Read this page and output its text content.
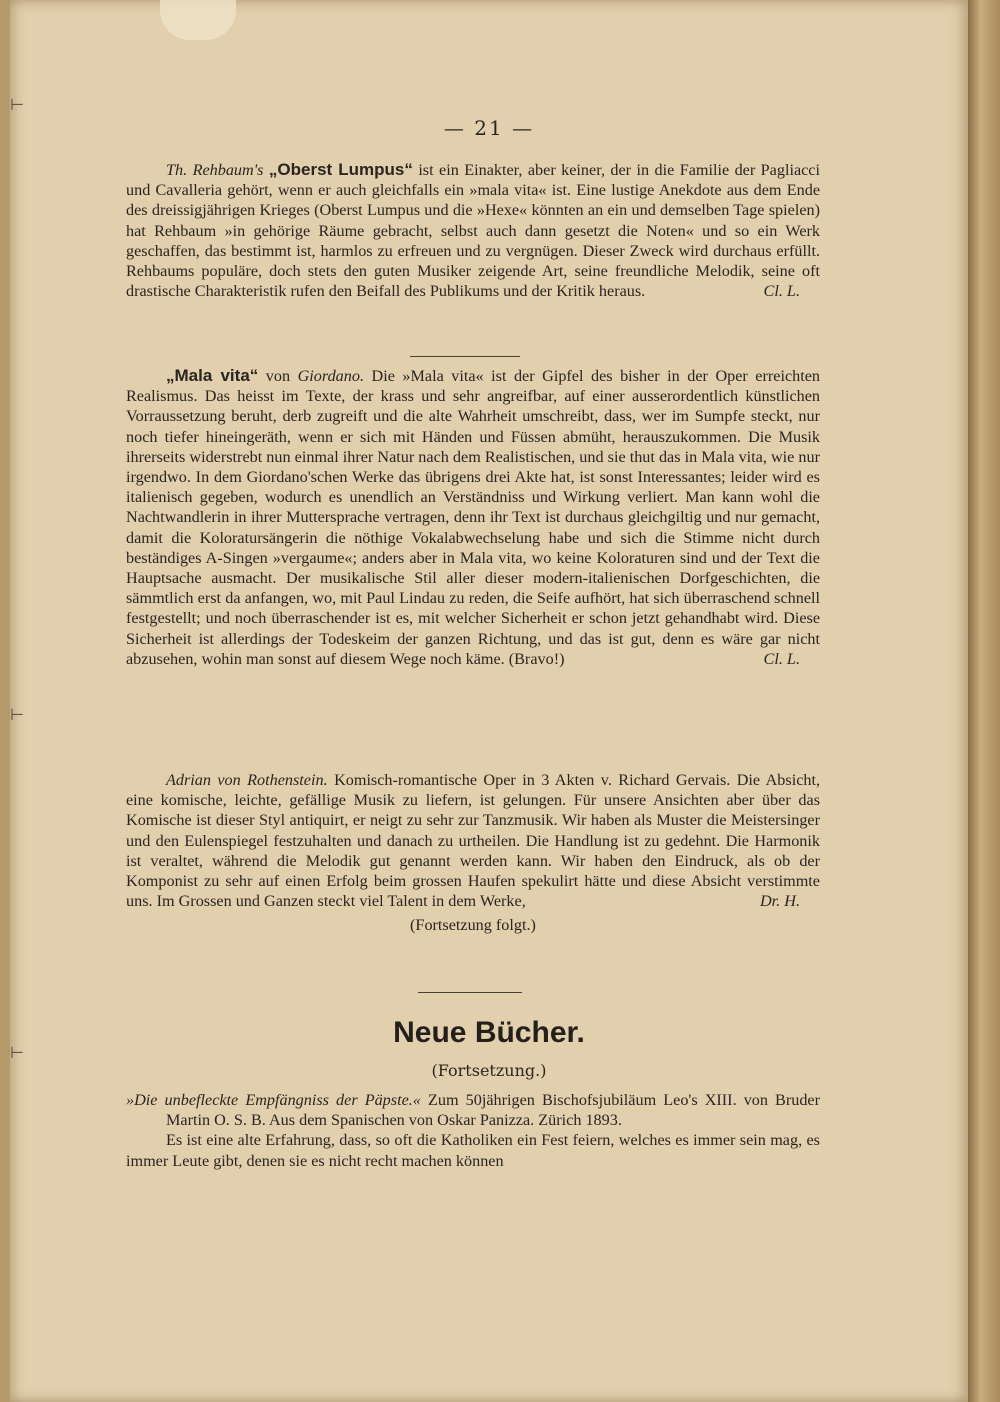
⊢
⊢
⊢
— 21 —

Th. Rehbaum's „Oberst Lumpus“ ist ein Einakter, aber keiner, der in die Familie der Pagliacci und Cavalleria gehört, wenn er auch gleichfalls ein »mala vita« ist. Eine lustige Anekdote aus dem Ende des dreissigjährigen Krieges (Oberst Lumpus und die »Hexe« könnten an ein und demselben Tage spielen) hat Rehbaum »in gehörige Räume gebracht, selbst auch dann gesetzt die Noten« und so ein Werk geschaffen, das bestimmt ist, harmlos zu erfreuen und zu vergnügen. Dieser Zweck wird durchaus erfüllt. Rehbaums populäre, doch stets den guten Musiker zeigende Art, seine freundliche Melodik, seine oft drastische Charakteristik rufen den Beifall des Publikums und der Kritik heraus.	Cl. L.

„Mala vita“ von Giordano. Die »Mala vita« ist der Gipfel des bisher in der Oper erreichten Realismus. Das heisst im Texte, der krass und sehr angreifbar, auf einer ausserordentlich künstlichen Vorraussetzung beruht, derb zugreift und die alte Wahrheit umschreibt, dass, wer im Sumpfe steckt, nur noch tiefer hineingeräth, wenn er sich mit Händen und Füssen abmüht, herauszukommen. Die Musik ihrerseits widerstrebt nun einmal ihrer Natur nach dem Realistischen, und sie thut das in Mala vita, wie nur irgendwo. In dem Giordano'schen Werke das übrigens drei Akte hat, ist sonst Interessantes; leider wird es italienisch gegeben, wodurch es unendlich an Verständniss und Wirkung verliert. Man kann wohl die Nachtwandlerin in ihrer Muttersprache vertragen, denn ihr Text ist durchaus gleichgiltig und nur gemacht, damit die Koloratursängerin die nöthige Vokalabwechselung habe und sich die Stimme nicht durch beständiges A-Singen »vergaume«; anders aber in Mala vita, wo keine Koloraturen sind und der Text die Hauptsache ausmacht. Der musikalische Stil aller dieser modern-italienischen Dorfgeschichten, die sämmtlich erst da anfangen, wo, mit Paul Lindau zu reden, die Seife aufhört, hat sich überraschend schnell festgestellt; und noch überraschender ist es, mit welcher Sicherheit er schon jetzt gehandhabt wird. Diese Sicherheit ist allerdings der Todeskeim der ganzen Richtung, und das ist gut, denn es wäre gar nicht abzusehen, wohin man sonst auf diesem Wege noch käme. (Bravo!)	Cl. L.

Adrian von Rothenstein. Komisch-romantische Oper in 3 Akten v. Richard Gervais. Die Absicht, eine komische, leichte, gefällige Musik zu liefern, ist gelungen. Für unsere Ansichten aber über das Komische ist dieser Styl antiquirt, er neigt zu sehr zur Tanzmusik. Wir haben als Muster die Meistersinger und den Eulenspiegel festzuhalten und danach zu urtheilen. Die Handlung ist zu gedehnt. Die Harmonik ist veraltet, während die Melodik gut genannt werden kann. Wir haben den Eindruck, als ob der Komponist zu sehr auf einen Erfolg beim grossen Haufen spekulirt hätte und diese Absicht verstimmte uns. Im Grossen und Ganzen steckt viel Talent in dem Werke,	Dr. H.

(Fortsetzung folgt.)

Neue Bücher.
(Fortsetzung.)

»Die unbefleckte Empfängniss der Päpste.« Zum 50jährigen Bischofsjubiläum Leo's XIII. von Bruder Martin O. S. B. Aus dem Spanischen von Oskar Panizza. Zürich 1893.

Es ist eine alte Erfahrung, dass, so oft die Katholiken ein Fest feiern, welches es immer sein mag, es immer Leute gibt, denen sie es nicht recht machen können
